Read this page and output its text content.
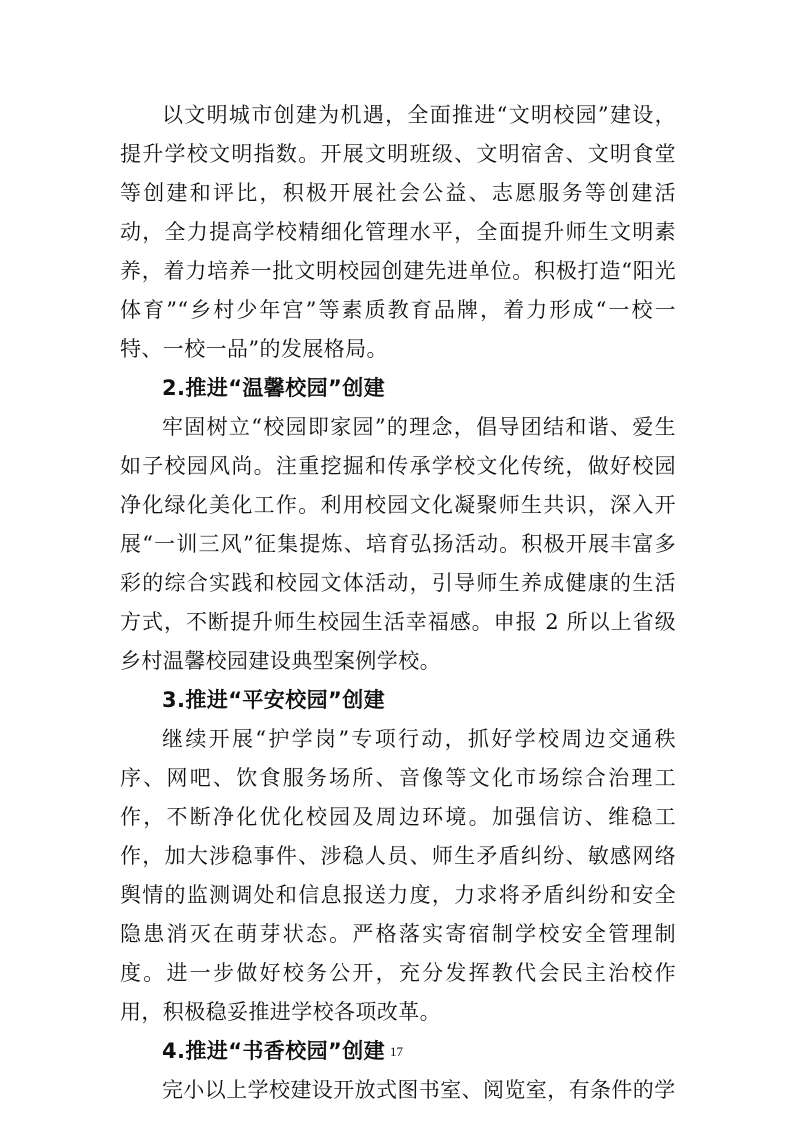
以文明城市创建为机遇，全面推进“文明校园”建设，提升学校文明指数。开展文明班级、文明宿舍、文明食堂等创建和评比，积极开展社会公益、志愿服务等创建活动，全力提高学校精细化管理水平，全面提升师生文明素养，着力培养一批文明校园创建先进单位。积极打造“阳光体育”“乡村少年宫”等素质教育品牌，着力形成“一校一特、一校一品”的发展格局。

2.推进“温馨校园”创建

牢固树立“校园即家园”的理念，倡导团结和谐、爱生如子校园风尚。注重挖掘和传承学校文化传统，做好校园净化绿化美化工作。利用校园文化凝聚师生共识，深入开展“一训三风”征集提炼、培育弘扬活动。积极开展丰富多彩的综合实践和校园文体活动，引导师生养成健康的生活方式，不断提升师生校园生活幸福感。申报 2 所以上省级乡村温馨校园建设典型案例学校。

3.推进“平安校园”创建

继续开展“护学岗”专项行动，抓好学校周边交通秩序、网吧、饮食服务场所、音像等文化市场综合治理工作，不断净化优化校园及周边环境。加强信访、维稳工作，加大涉稳事件、涉稳人员、师生矛盾纠纷、敏感网络舆情的监测调处和信息报送力度，力求将矛盾纠纷和安全隐患消灭在萌芽状态。严格落实寄宿制学校安全管理制度。进一步做好校务公开，充分发挥教代会民主治校作用，积极稳妥推进学校各项改革。

4.推进“书香校园”创建

完小以上学校建设开放式图书室、阅览室，有条件的学

17
